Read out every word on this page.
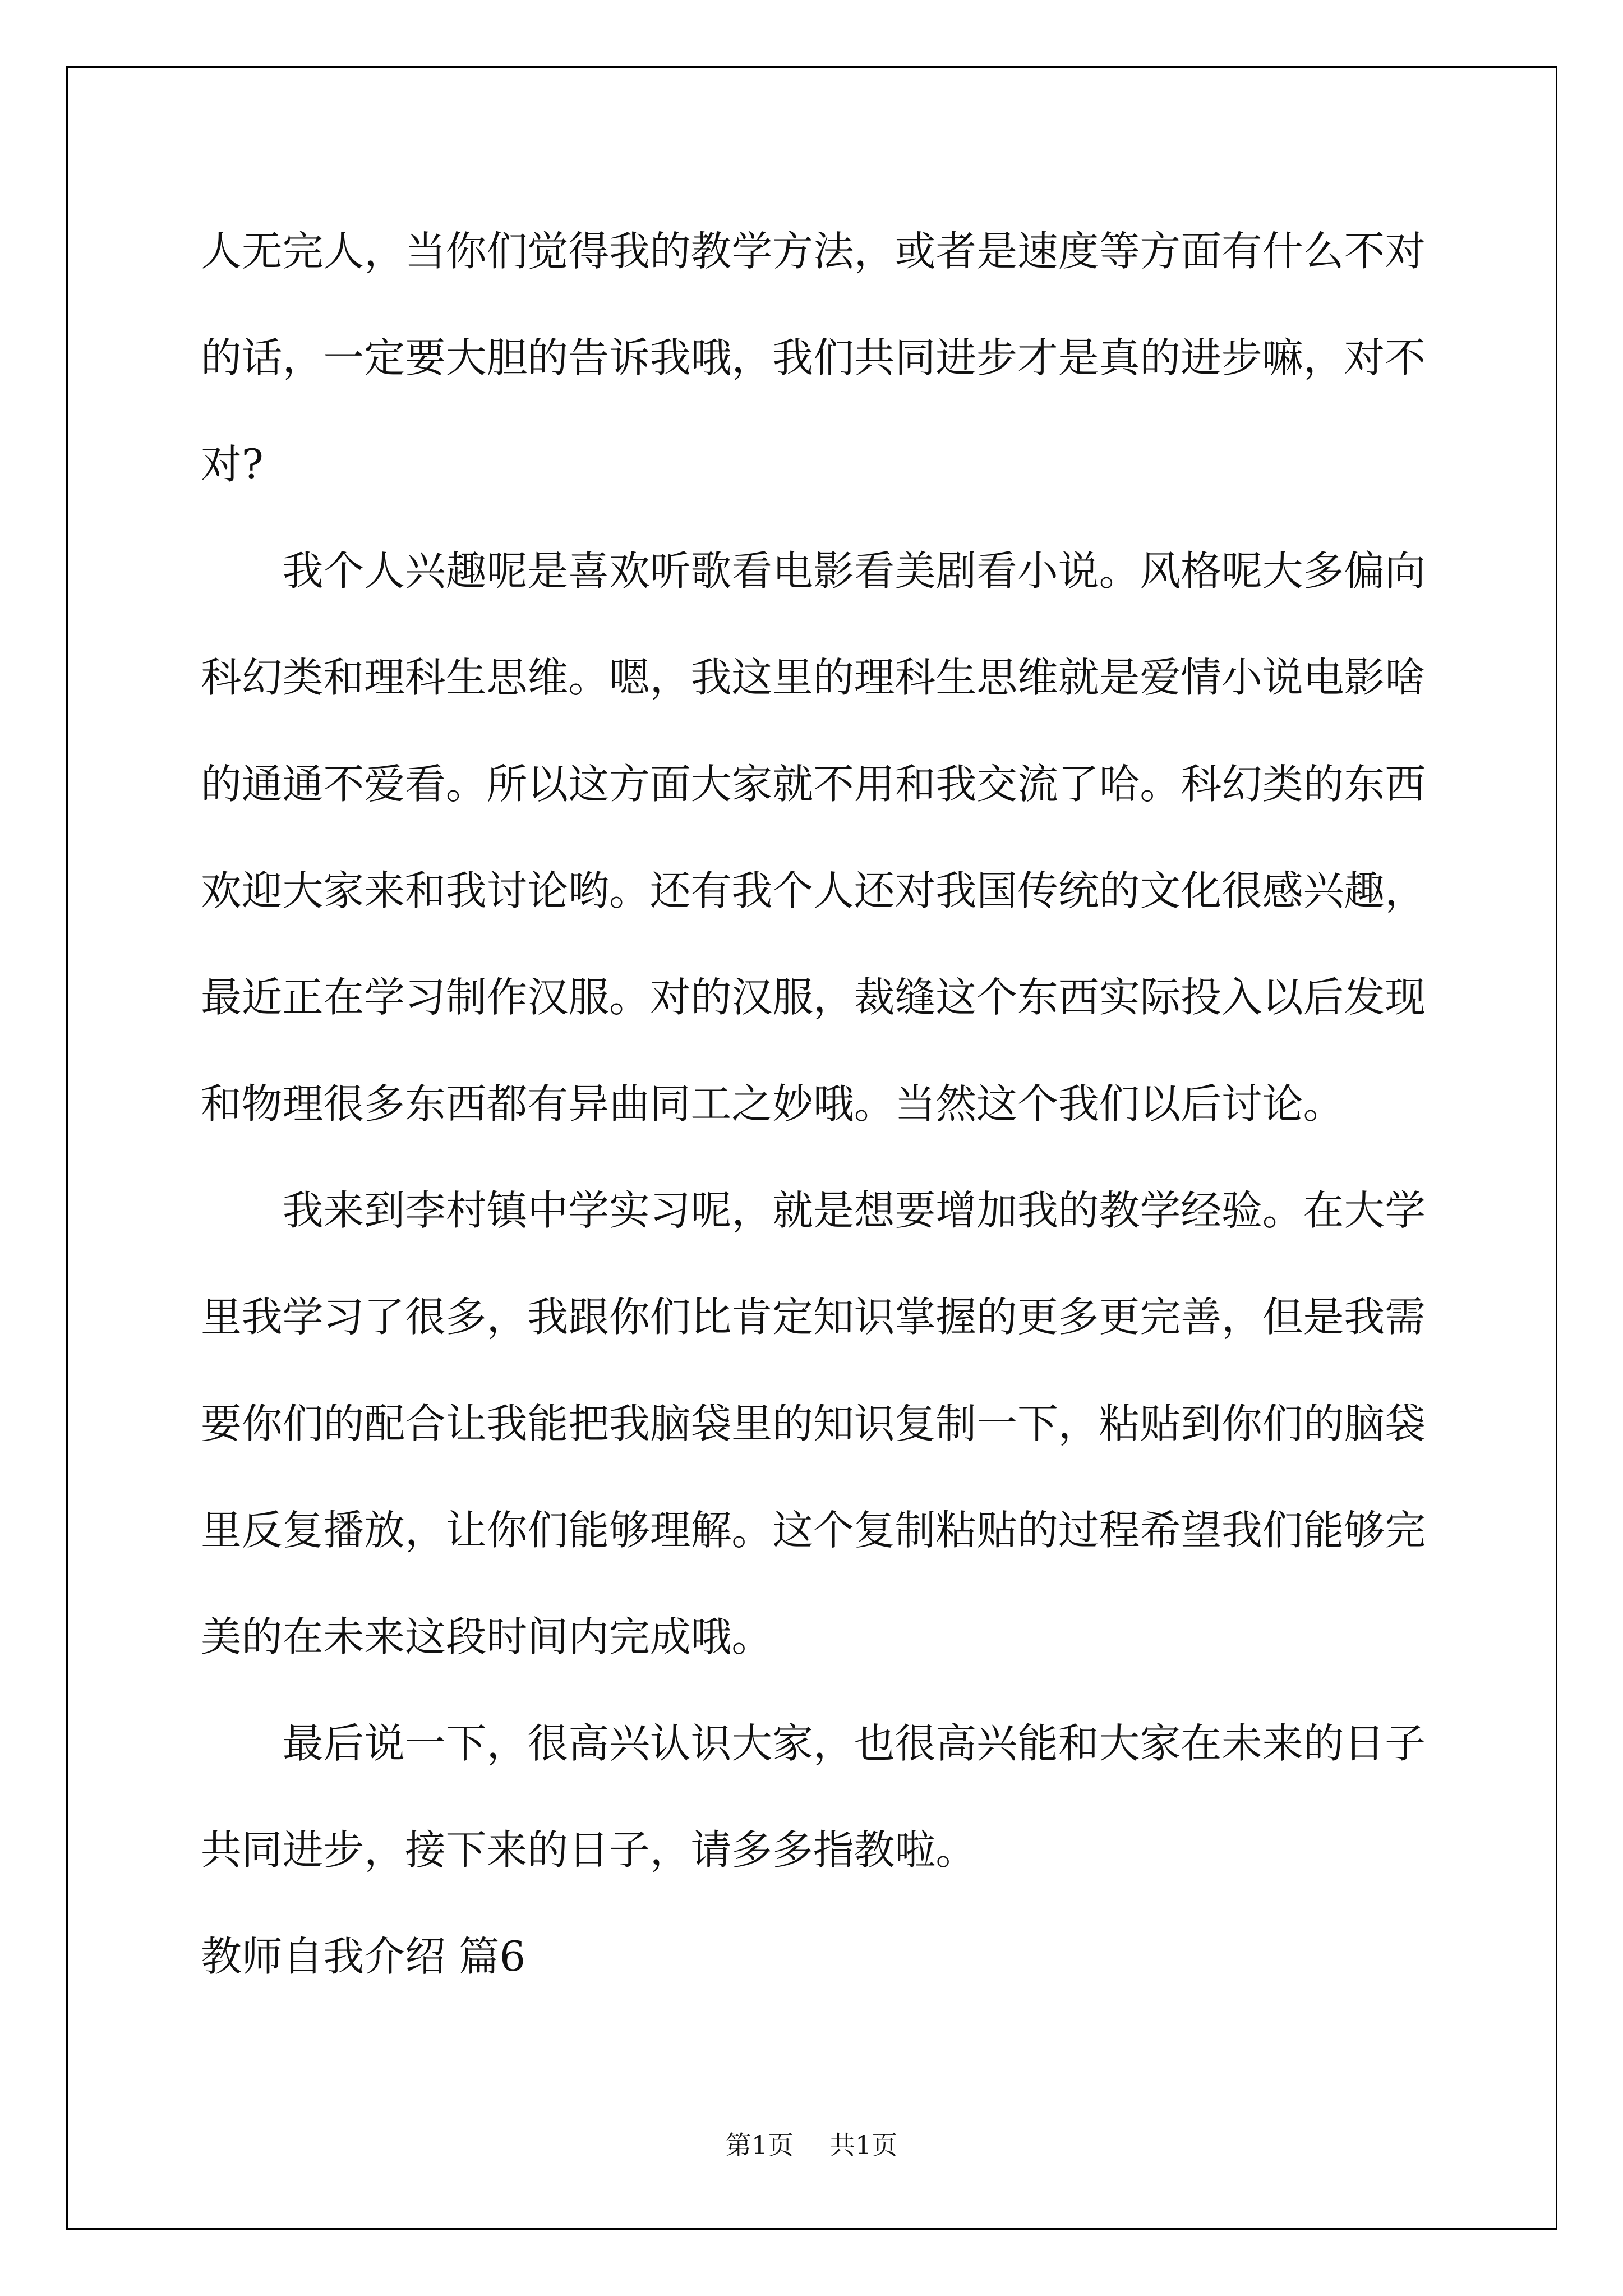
人无完人，当你们觉得我的教学方法，或者是速度等方面有什么不对
的话，一定要大胆的告诉我哦，我们共同进步才是真的进步嘛，对不
对?
我个人兴趣呢是喜欢听歌看电影看美剧看小说。风格呢大多偏向
科幻类和理科生思维。嗯，我这里的理科生思维就是爱情小说电影啥
的通通不爱看。所以这方面大家就不用和我交流了哈。科幻类的东西
欢迎大家来和我讨论哟。还有我个人还对我国传统的文化很感兴趣，
最近正在学习制作汉服。对的汉服，裁缝这个东西实际投入以后发现
和物理很多东西都有异曲同工之妙哦。当然这个我们以后讨论。
我来到李村镇中学实习呢，就是想要增加我的教学经验。在大学
里我学习了很多，我跟你们比肯定知识掌握的更多更完善，但是我需
要你们的配合让我能把我脑袋里的知识复制一下，粘贴到你们的脑袋
里反复播放，让你们能够理解。这个复制粘贴的过程希望我们能够完
美的在未来这段时间内完成哦。
最后说一下，很高兴认识大家，也很高兴能和大家在未来的日子
共同进步，接下来的日子，请多多指教啦。
教师自我介绍 篇6
第1页 共1页
